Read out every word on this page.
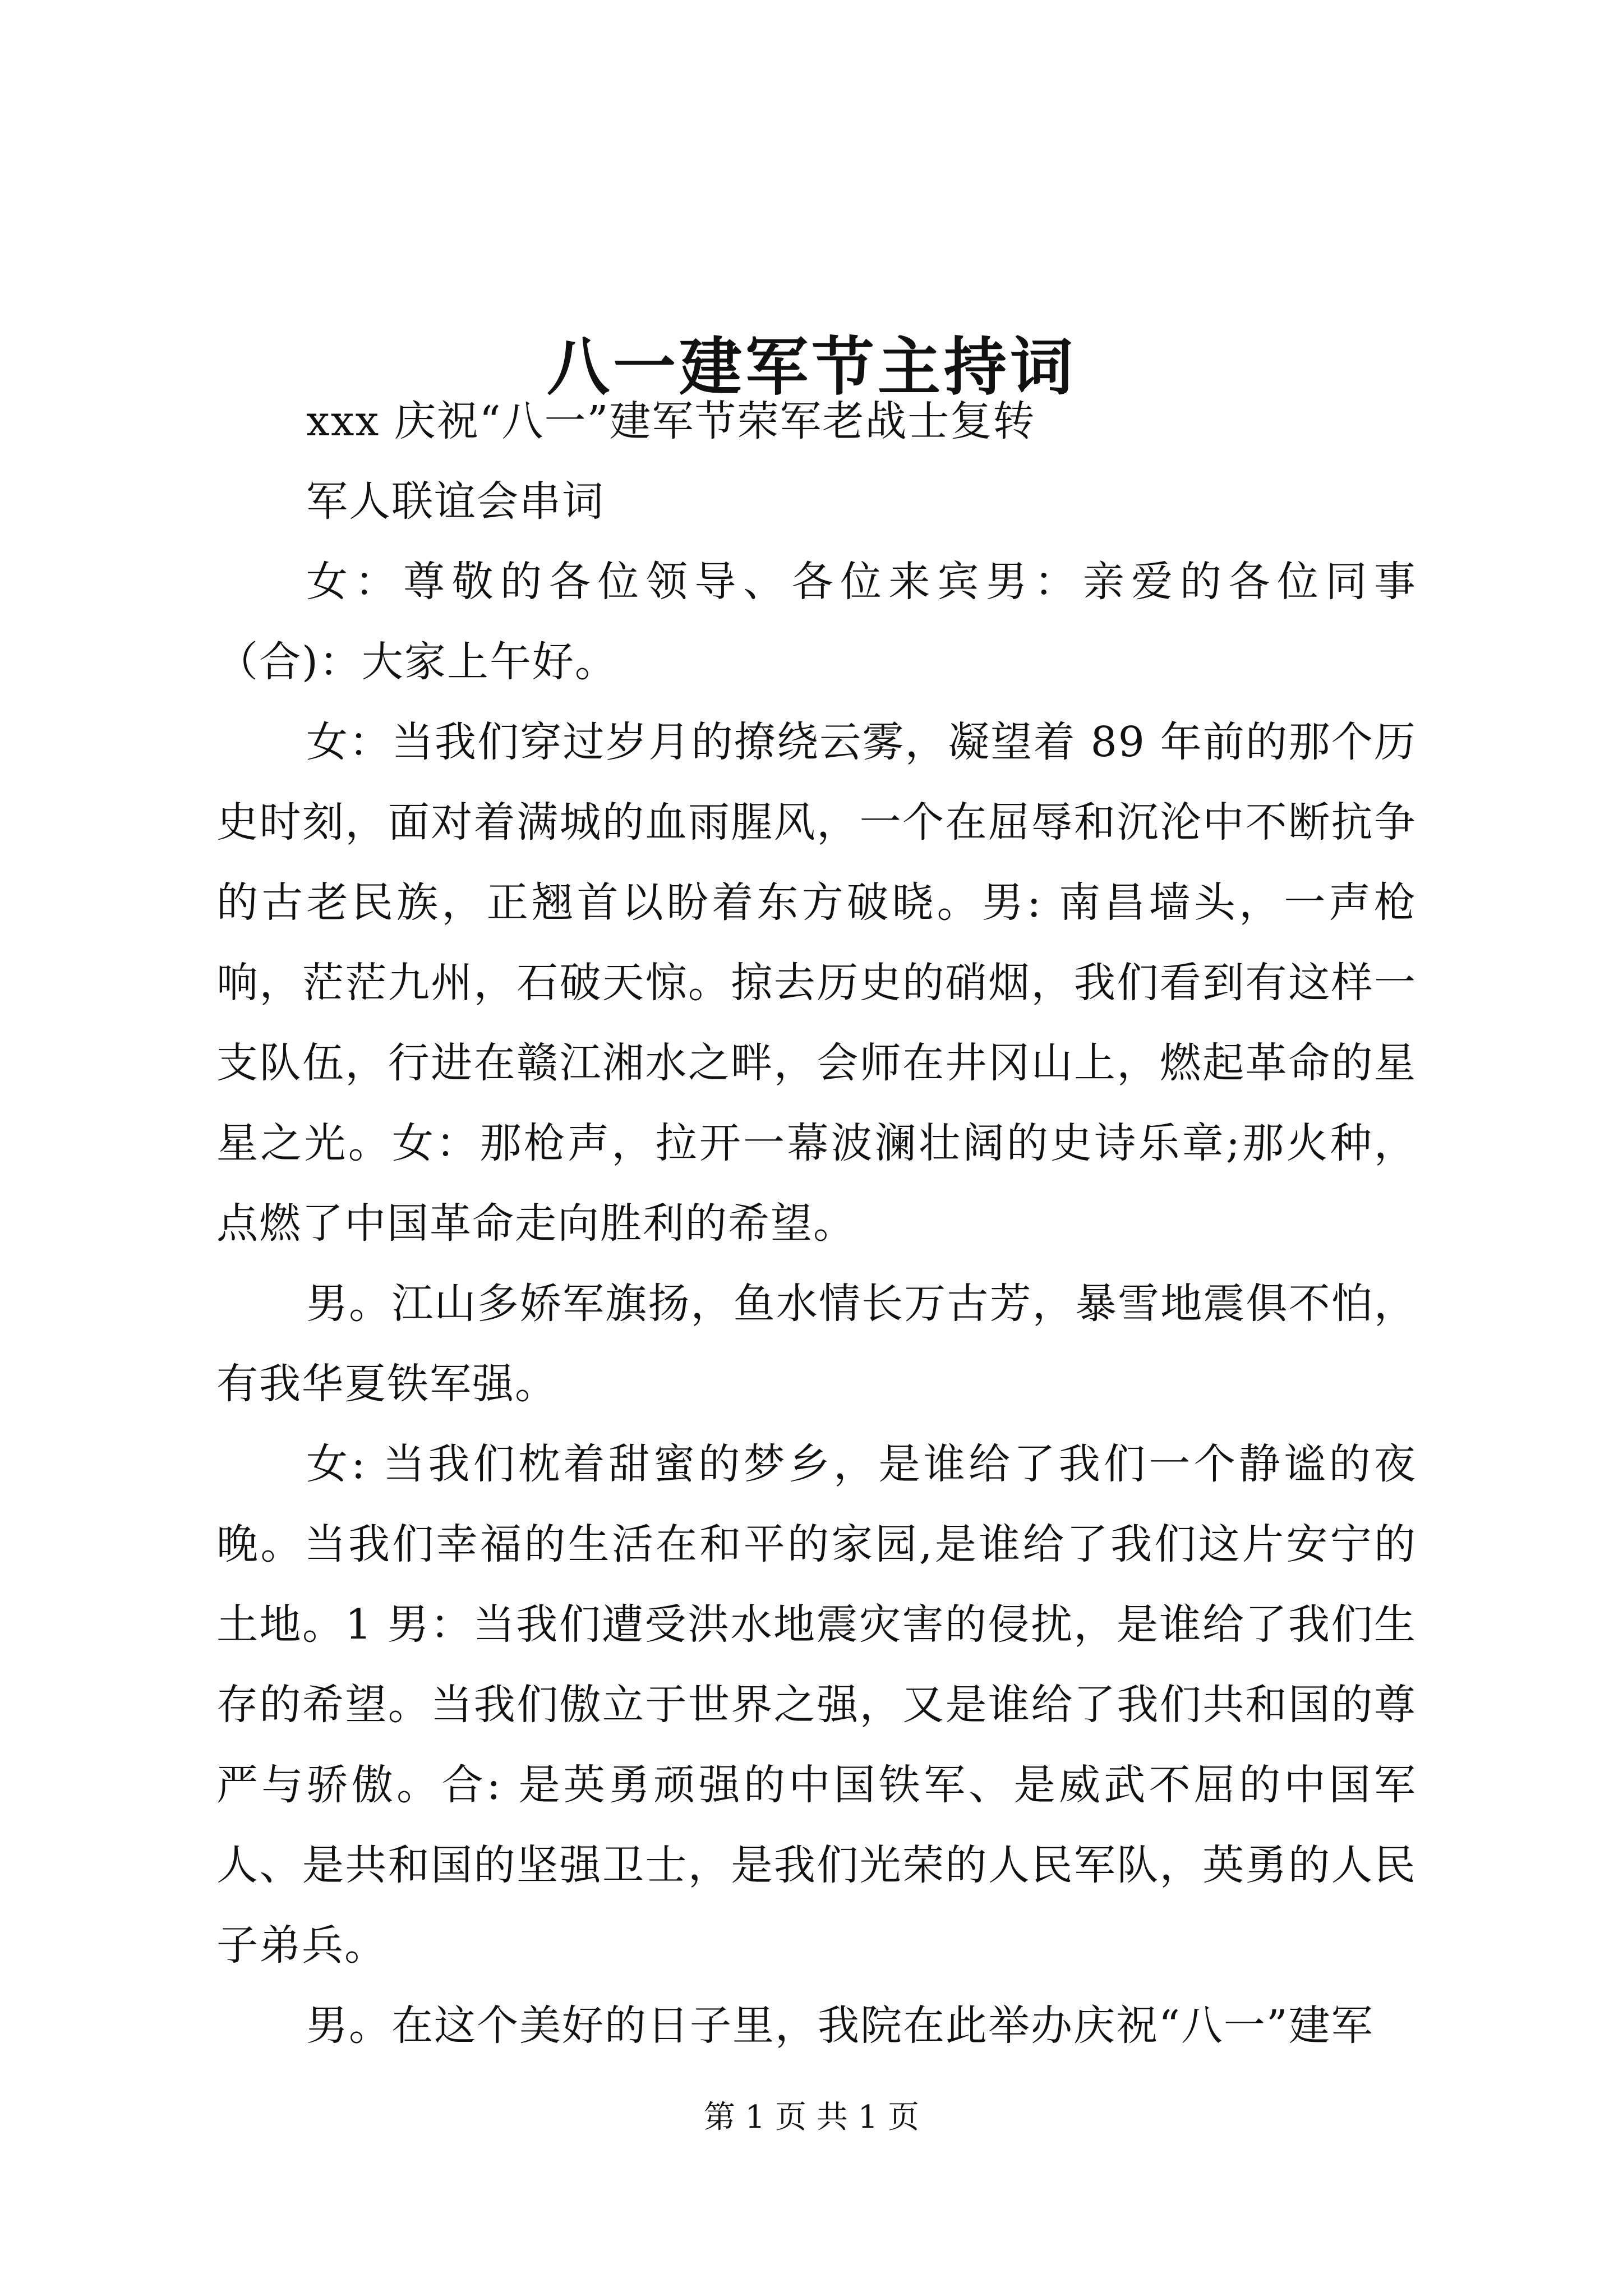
八一建军节主持词

xxx 庆祝“八一”建军节荣军老战士复转

军人联谊会串词

女：尊敬的各位领导、各位来宾男：亲爱的各位同事（合)：大家上午好。

女：当我们穿过岁月的撩绕云雾，凝望着 89 年前的那个历史时刻，面对着满城的血雨腥风，一个在屈辱和沉沦中不断抗争的古老民族，正翘首以盼着东方破晓。男: 南昌墙头，一声枪响，茫茫九州，石破天惊。掠去历史的硝烟，我们看到有这样一支队伍，行进在赣江湘水之畔，会师在井冈山上，燃起革命的星星之光。女：那枪声，拉开一幕波澜壮阔的史诗乐章;那火种，点燃了中国革命走向胜利的希望。

男。江山多娇军旗扬，鱼水情长万古芳，暴雪地震俱不怕，有我华夏铁军强。

女: 当我们枕着甜蜜的梦乡，是谁给了我们一个静谧的夜晚。当我们幸福的生活在和平的家园,是谁给了我们这片安宁的土地。1 男：当我们遭受洪水地震灾害的侵扰，是谁给了我们生存的希望。当我们傲立于世界之强，又是谁给了我们共和国的尊严与骄傲。合: 是英勇顽强的中国铁军、是威武不屈的中国军人、是共和国的坚强卫士，是我们光荣的人民军队，英勇的人民子弟兵。

男。在这个美好的日子里，我院在此举办庆祝“八一”建军

第 1 页 共 1 页
